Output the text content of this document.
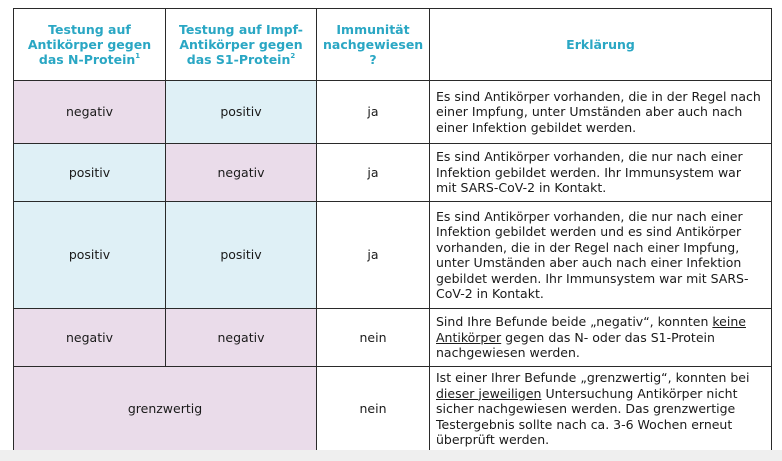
Testung auf Antikörper gegen das N-Protein$^1$	Testung auf Impf-Antikörper gegen das S1-Protein$^2$	Immunität nachgewiesen ?	Erklärung
negativ	positiv	ja	Es sind Antikörper vorhanden, die in der Regel nach einer Impfung, unter Umständen aber auch nach einer Infektion gebildet werden.
positiv	negativ	ja	Es sind Antikörper vorhanden, die nur nach einer Infektion gebildet werden. Ihr Immunsystem war mit SARS-CoV-2 in Kontakt.
positiv	positiv	ja	Es sind Antikörper vorhanden, die nur nach einer Infektion gebildet werden und es sind Antikörper vorhanden, die in der Regel nach einer Impfung, unter Umständen aber auch nach einer Infektion gebildet werden. Ihr Immunsystem war mit SARS-CoV-2 in Kontakt.
negativ	negativ	nein	Sind Ihre Befunde beide „negativ“, konnten keine Antikörper gegen das N- oder das S1-Protein nachgewiesen werden.
grenzwertig		nein	Ist einer Ihrer Befunde „grenzwertig“, konnten bei dieser jeweiligen Untersuchung Antikörper nicht sicher nachgewiesen werden. Das grenzwertige Testergebnis sollte nach ca. 3-6 Wochen erneut überprüft werden.
